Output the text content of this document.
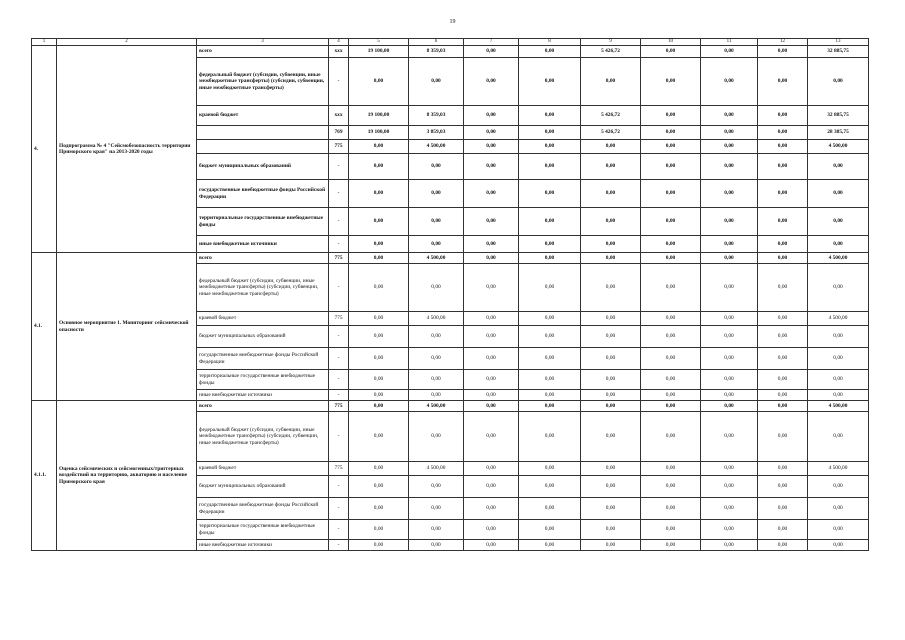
19
1	2	3	4	5	6	7	8	9	10	11	12	13
4.	Подпрограмма № 4 "Сейсмобезопасность территории Приморского края" на 2013-2020 годы	всего	ххх	19 100,00	8 359,03	0,00	0,00	5 426,72	0,00	0,00	0,00	32 885,75
		федеральный бюджет (субсидии, субвенции, иные межбюджетные трансферты) (субсидии, субвенции, иные межбюджетные трансферты)	-	0,00	0,00	0,00	0,00	0,00	0,00	0,00	0,00	0,00
		краевой бюджет	ххх	19 100,00	8 359,03	0,00	0,00	5 426,72	0,00	0,00	0,00	32 885,75
			769	19 100,00	3 859,03	0,00	0,00	5 426,72	0,00	0,00	0,00	28 385,75
			775	0,00	4 500,00	0,00	0,00	0,00	0,00	0,00	0,00	4 500,00
		бюджет муниципальных образований	-	0,00	0,00	0,00	0,00	0,00	0,00	0,00	0,00	0,00
		государственные внебюджетные фонды Российской Федерации	-	0,00	0,00	0,00	0,00	0,00	0,00	0,00	0,00	0,00
		территориальные государственные внебюджетные фонды	-	0,00	0,00	0,00	0,00	0,00	0,00	0,00	0,00	0,00
		иные внебюджетные источники	-	0,00	0,00	0,00	0,00	0,00	0,00	0,00	0,00	0,00
4.1.	Основное мероприятие 1. Мониторинг сейсмической опасности	всего	775	0,00	4 500,00	0,00	0,00	0,00	0,00	0,00	0,00	4 500,00
		федеральный бюджет (субсидии, субвенции, иные межбюджетные трансферты) (субсидии, субвенции, иные межбюджетные трансферты)	-	0,00	0,00	0,00	0,00	0,00	0,00	0,00	0,00	0,00
		краевой бюджет	775	0,00	4 500,00	0,00	0,00	0,00	0,00	0,00	0,00	4 500,00
		бюджет муниципальных образований	-	0,00	0,00	0,00	0,00	0,00	0,00	0,00	0,00	0,00
		государственные внебюджетные фонды Российской Федерации	-	0,00	0,00	0,00	0,00	0,00	0,00	0,00	0,00	0,00
		территориальные государственные внебюджетные фонды	-	0,00	0,00	0,00	0,00	0,00	0,00	0,00	0,00	0,00
		иные внебюджетные источники	-	0,00	0,00	0,00	0,00	0,00	0,00	0,00	0,00	0,00
4.1.1.	Оценка сейсмических и сейсмогенных/триггерных воздействий на территорию, акваторию и население Приморского края	всего	775	0,00	4 500,00	0,00	0,00	0,00	0,00	0,00	0,00	4 500,00
		федеральный бюджет (субсидии, субвенции, иные межбюджетные трансферты) (субсидии, субвенции, иные межбюджетные трансферты)	-	0,00	0,00	0,00	0,00	0,00	0,00	0,00	0,00	0,00
		краевой бюджет	775	0,00	4 500,00	0,00	0,00	0,00	0,00	0,00	0,00	4 500,00
		бюджет муниципальных образований	-	0,00	0,00	0,00	0,00	0,00	0,00	0,00	0,00	0,00
		государственные внебюджетные фонды Российской Федерации	-	0,00	0,00	0,00	0,00	0,00	0,00	0,00	0,00	0,00
		территориальные государственные внебюджетные фонды	-	0,00	0,00	0,00	0,00	0,00	0,00	0,00	0,00	0,00
		иные внебюджетные источники	-	0,00	0,00	0,00	0,00	0,00	0,00	0,00	0,00	0,00
